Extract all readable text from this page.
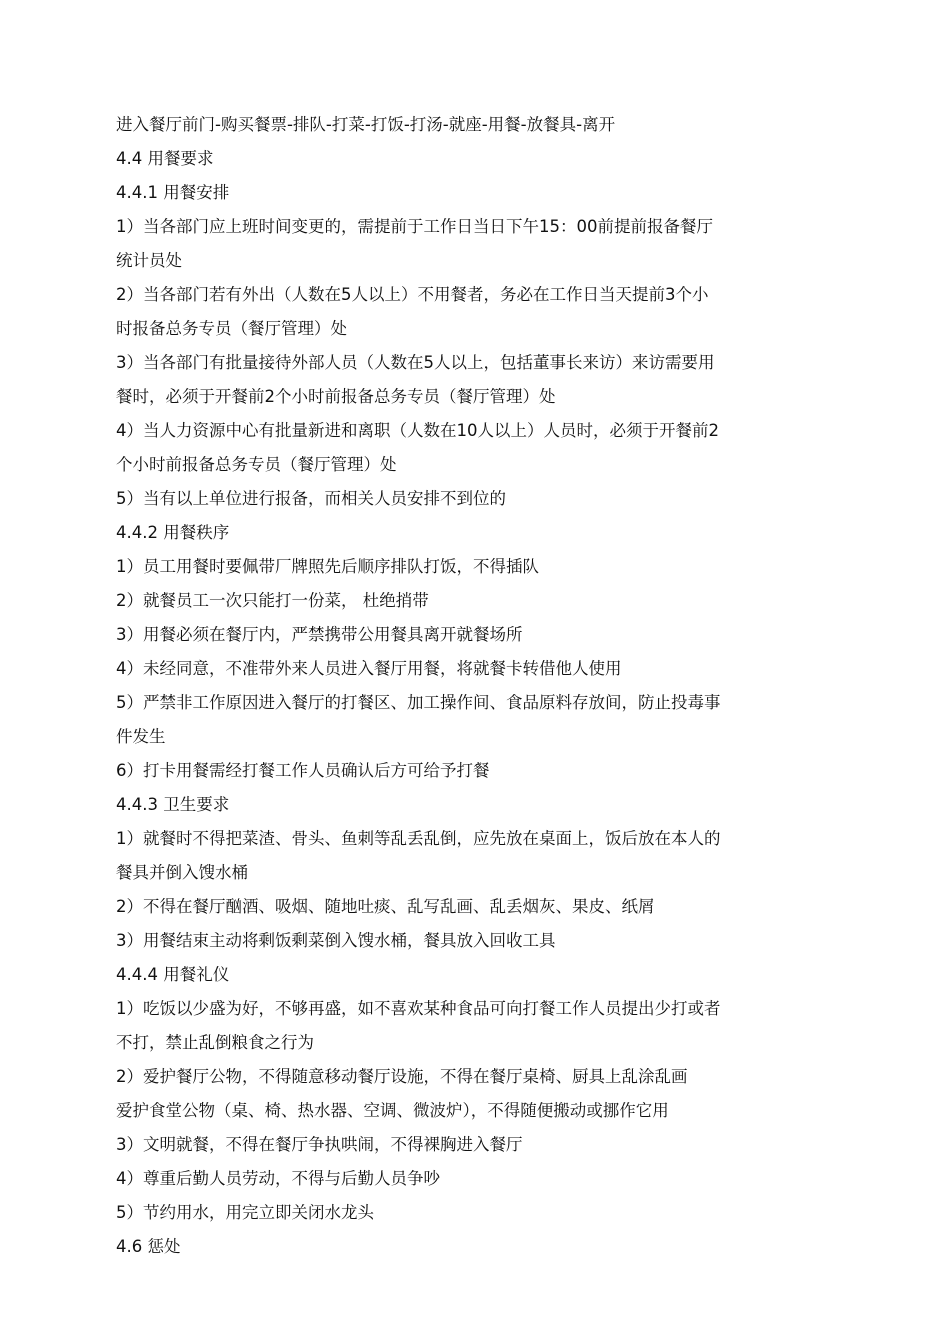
进入餐厅前门-购买餐票-排队-打菜-打饭-打汤-就座-用餐-放餐具-离开
4.4 用餐要求
4.4.1 用餐安排
1）当各部门应上班时间变更的，需提前于工作日当日下午15：00前提前报备餐厅
统计员处
2）当各部门若有外出（人数在5人以上）不用餐者，务必在工作日当天提前3个小
时报备总务专员（餐厅管理）处
3）当各部门有批量接待外部人员（人数在5人以上，包括董事长来访）来访需要用
餐时，必须于开餐前2个小时前报备总务专员（餐厅管理）处
4）当人力资源中心有批量新进和离职（人数在10人以上）人员时，必须于开餐前2
个小时前报备总务专员（餐厅管理）处
5）当有以上单位进行报备，而相关人员安排不到位的
4.4.2 用餐秩序
1）员工用餐时要佩带厂牌照先后顺序排队打饭，不得插队
2）就餐员工一次只能打一份菜， 杜绝捎带
3）用餐必须在餐厅内，严禁携带公用餐具离开就餐场所
4）未经同意，不准带外来人员进入餐厅用餐，将就餐卡转借他人使用
5）严禁非工作原因进入餐厅的打餐区、加工操作间、食品原料存放间，防止投毒事
件发生
6）打卡用餐需经打餐工作人员确认后方可给予打餐
4.4.3 卫生要求
1）就餐时不得把菜渣、骨头、鱼刺等乱丢乱倒，应先放在桌面上，饭后放在本人的
餐具并倒入馊水桶
2）不得在餐厅酗酒、吸烟、随地吐痰、乱写乱画、乱丢烟灰、果皮、纸屑
3）用餐结束主动将剩饭剩菜倒入馊水桶，餐具放入回收工具
4.4.4 用餐礼仪
1）吃饭以少盛为好，不够再盛，如不喜欢某种食品可向打餐工作人员提出少打或者
不打，禁止乱倒粮食之行为
2）爱护餐厅公物，不得随意移动餐厅设施，不得在餐厅桌椅、厨具上乱涂乱画
爱护食堂公物（桌、椅、热水器、空调、微波炉），不得随便搬动或挪作它用
3）文明就餐，不得在餐厅争执哄闹，不得裸胸进入餐厅
4）尊重后勤人员劳动，不得与后勤人员争吵
5）节约用水，用完立即关闭水龙头
4.6 惩处
